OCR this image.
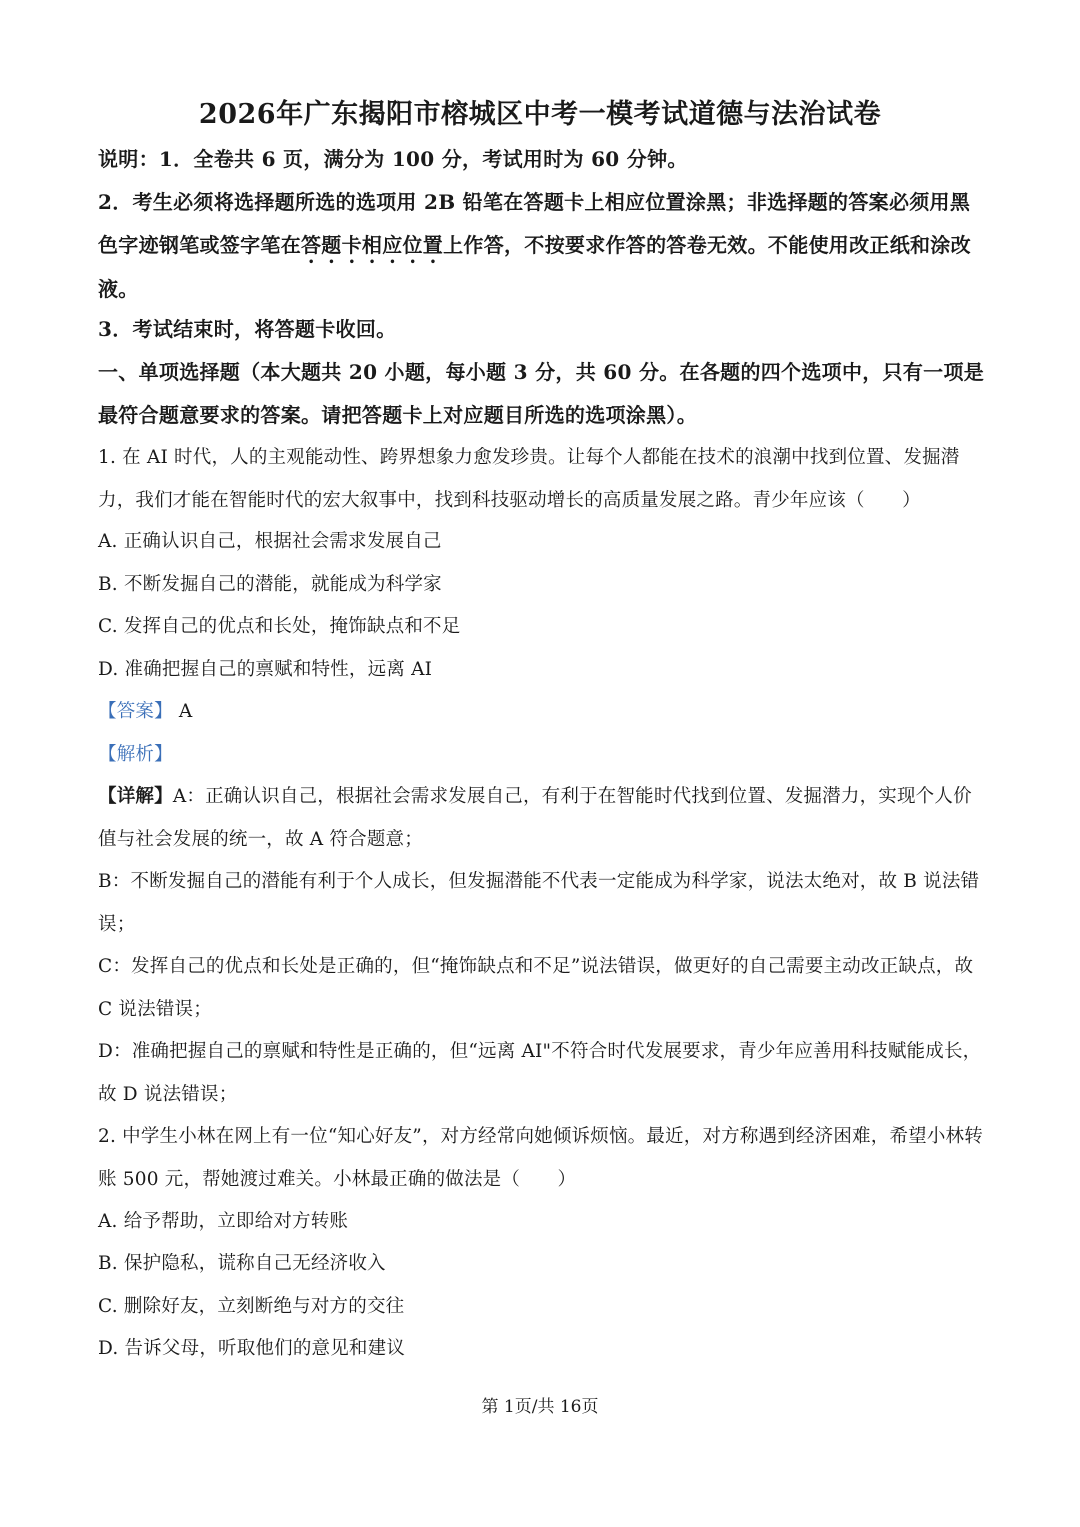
2026年广东揭阳市榕城区中考一模考试道德与法治试卷
说明：1．全卷共 6 页，满分为 100 分，考试用时为 60 分钟。
2．考生必须将选择题所选的选项用 2B 铅笔在答题卡上相应位置涂黑；非选择题的答案必须用黑色字迹钢笔或签字笔在答题卡相应位置上作答，不按要求作答的答卷无效。不能使用改正纸和涂改液。
3．考试结束时，将答题卡收回。
一、单项选择题（本大题共 20 小题，每小题 3 分，共 60 分。在各题的四个选项中，只有一项是最符合题意要求的答案。请把答题卡上对应题目所选的选项涂黑）。
1. 在 AI 时代，人的主观能动性、跨界想象力愈发珍贵。让每个人都能在技术的浪潮中找到位置、发掘潜力，我们才能在智能时代的宏大叙事中，找到科技驱动增长的高质量发展之路。青少年应该（　　）
A. 正确认识自己，根据社会需求发展自己
B. 不断发掘自己的潜能，就能成为科学家
C. 发挥自己的优点和长处，掩饰缺点和不足
D. 准确把握自己的禀赋和特性，远离 AI
【答案】 A
【解析】
【详解】A：正确认识自己，根据社会需求发展自己，有利于在智能时代找到位置、发掘潜力，实现个人价值与社会发展的统一，故 A 符合题意；
B：不断发掘自己的潜能有利于个人成长，但发掘潜能不代表一定能成为科学家，说法太绝对，故 B 说法错误；
C：发挥自己的优点和长处是正确的，但“掩饰缺点和不足”说法错误，做更好的自己需要主动改正缺点，故 C 说法错误；
D：准确把握自己的禀赋和特性是正确的，但“远离 AI"不符合时代发展要求，青少年应善用科技赋能成长，故 D 说法错误；
2. 中学生小林在网上有一位“知心好友”，对方经常向她倾诉烦恼。最近，对方称遇到经济困难，希望小林转账 500 元，帮她渡过难关。小林最正确的做法是（　　）
A. 给予帮助，立即给对方转账
B. 保护隐私，谎称自己无经济收入
C. 删除好友，立刻断绝与对方的交往
D. 告诉父母，听取他们的意见和建议
第 1页/共 16页
